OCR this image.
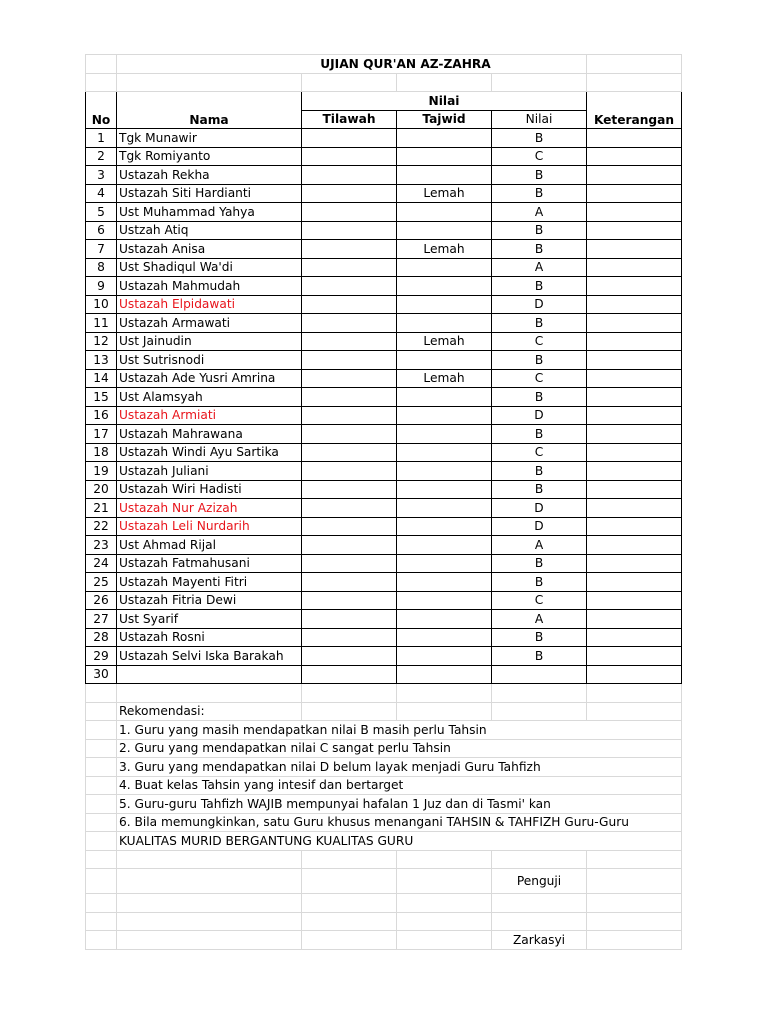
	UJIAN QUR'AN AZ-ZAHRA				

No	Nama	Nilai			Keterangan
		Tilawah	Tajwid	Nilai	
1	Tgk Munawir			B	
2	Tgk Romiyanto			C	
3	Ustazah Rekha			B	
4	Ustazah Siti Hardianti		Lemah	B	
5	Ust Muhammad Yahya			A	
6	Ustzah Atiq			B	
7	Ustazah Anisa		Lemah	B	
8	Ust Shadiqul Wa'di			A	
9	Ustazah Mahmudah			B	
10	Ustazah Elpidawati			D	
11	Ustazah Armawati			B	
12	Ust Jainudin		Lemah	C	
13	Ust Sutrisnodi			B	
14	Ustazah Ade Yusri Amrina		Lemah	C	
15	Ust Alamsyah			B	
16	Ustazah Armiati			D	
17	Ustazah Mahrawana			B	
18	Ustazah Windi Ayu Sartika			C	
19	Ustazah Juliani			B	
20	Ustazah Wiri Hadisti			B	
21	Ustazah Nur Azizah			D	
22	Ustazah Leli Nurdarih			D	
23	Ust Ahmad Rijal			A	
24	Ustazah Fatmahusani			B	
25	Ustazah Mayenti Fitri			B	
26	Ustazah Fitria Dewi			C	
27	Ust Syarif			A	
28	Ustazah Rosni			B	
29	Ustazah Selvi Iska Barakah			B	
30					

	Rekomendasi:				
	1. Guru yang masih mendapatkan nilai B masih perlu Tahsin				
	2. Guru yang mendapatkan nilai C sangat perlu Tahsin				
	3. Guru yang mendapatkan nilai D belum layak menjadi Guru Tahfizh				
	4. Buat kelas Tahsin yang intesif dan bertarget				
	5. Guru-guru Tahfizh WAJIB mempunyai hafalan 1 Juz dan di Tasmi' kan				
	6. Bila memungkinkan, satu Guru khusus menangani TAHSIN & TAHFIZH Guru-Guru				
	KUALITAS MURID BERGANTUNG KUALITAS GURU				

				Penguji	

				Zarkasyi	
